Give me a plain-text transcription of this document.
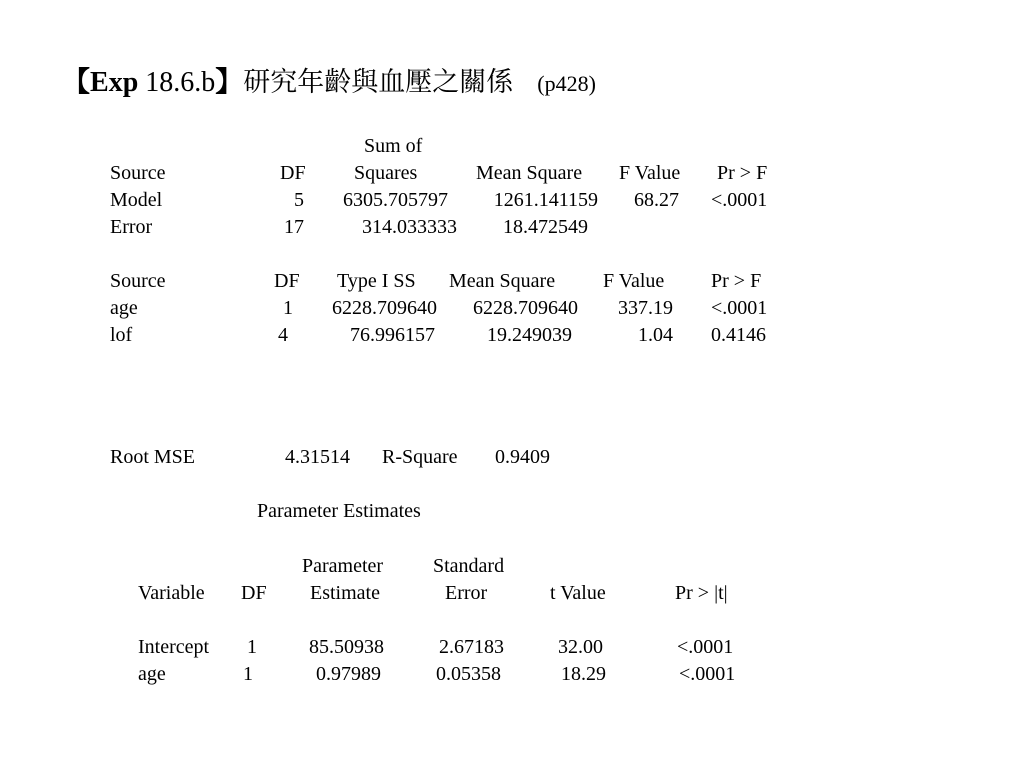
【Exp 18.6.b】研究年齡與血壓之關係 (p428)
Sum of
Source	DF Squares	Mean Square F Value Pr > F
Model	5	6305.705797	1261.141159	68.27 <.0001
Error	17	314.033333	18.472549
Source	DF Type I SS Mean Square F Value Pr > F
age	1	6228.709640	6228.709640	337.19 <.0001
lof	4	76.996157	19.249039	1.04 0.4146
Root MSE	4.31514 R-Square 0.9409
Parameter Estimates
Parameter Standard
Variable DF Estimate	Error	t Value	Pr > |t|
Intercept 1	85.50938	2.67183	32.00	<.0001
age	1	0.97989	0.05358	18.29	<.0001
